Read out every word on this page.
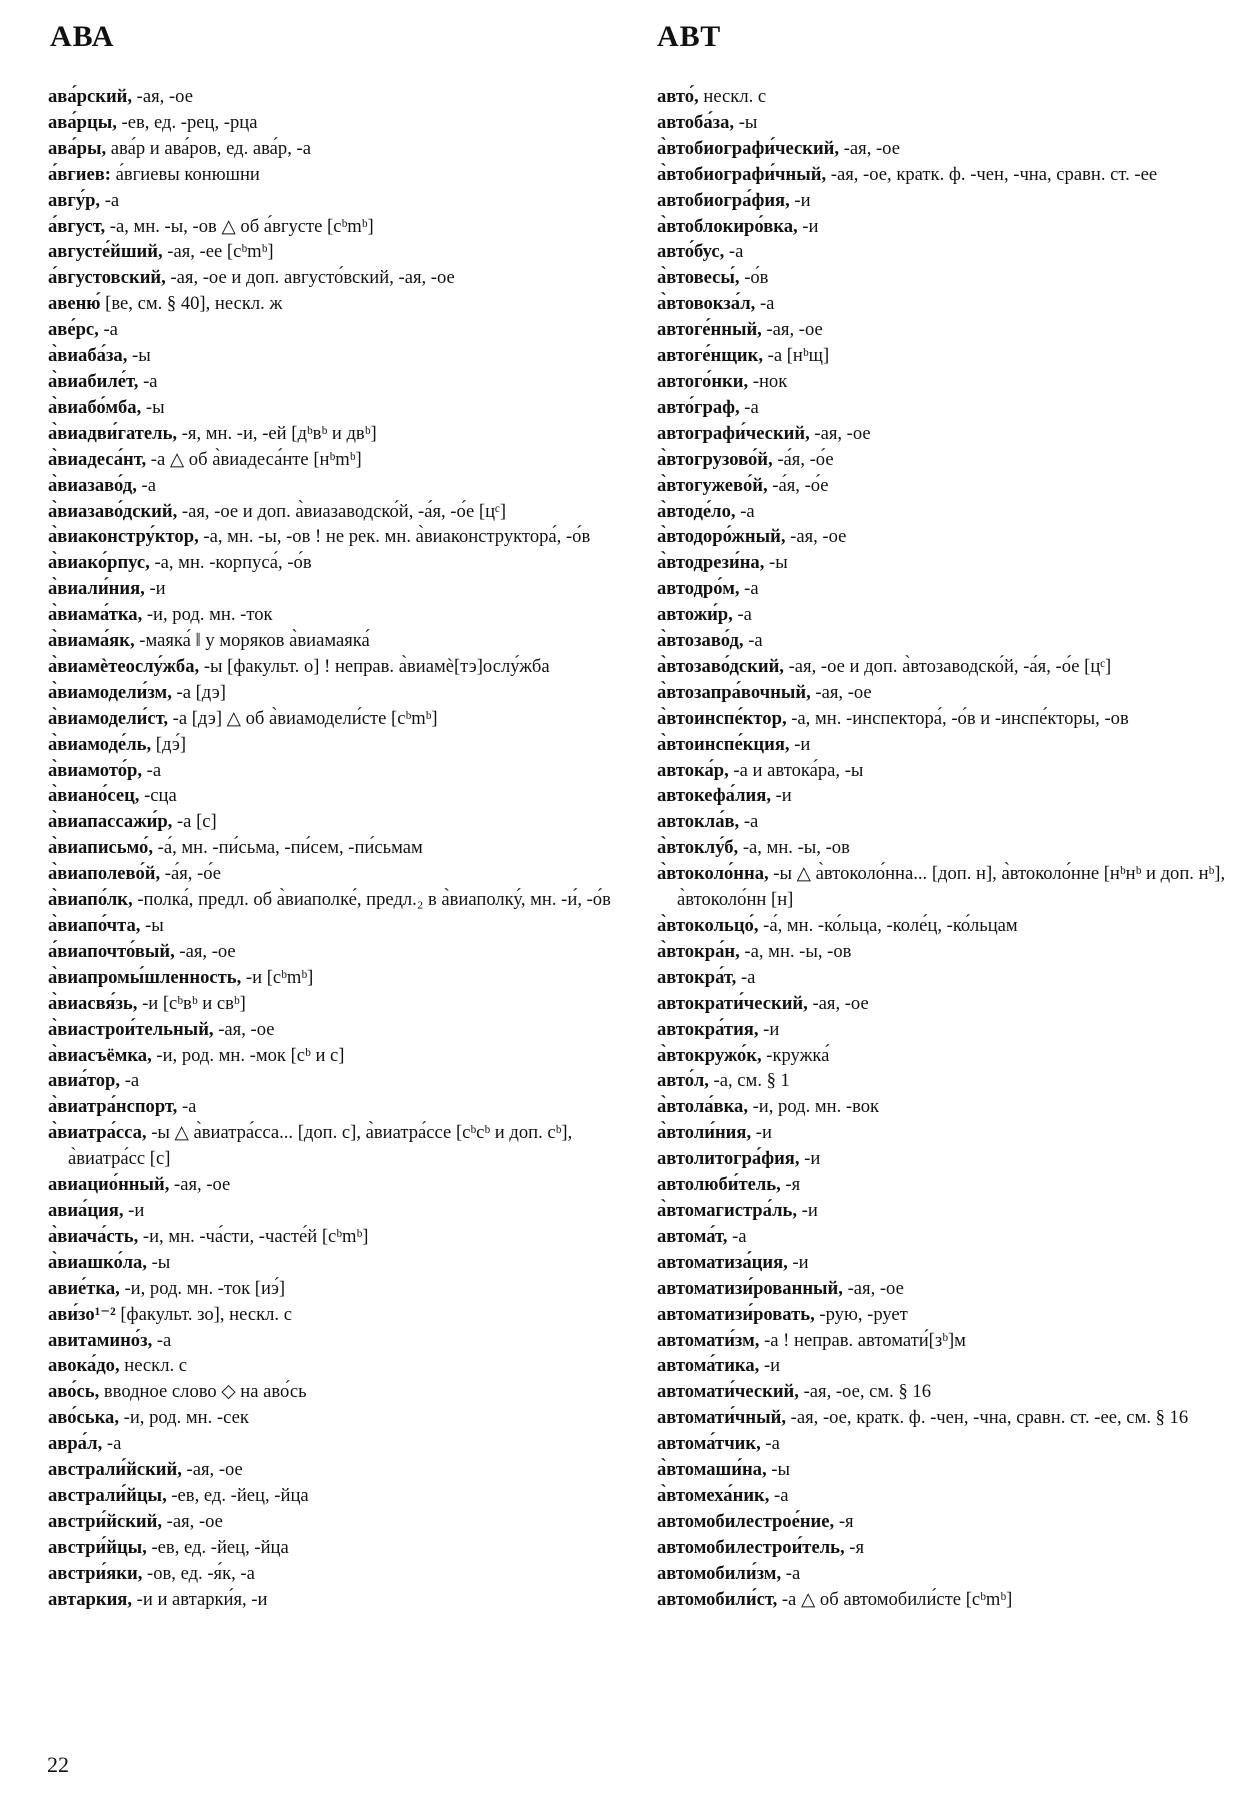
АВА	АВТ

ава́рский, -ая, -ое

ава́рцы, -ев, ед. -рец, -рца

ава́ры, ава́р и ава́ров, ед. ава́р, -а

а́вгиев: а́вгиевы конюшни

авгу́р, -а

а́вгуст, -а, мн. -ы, -ов △ об а́вгусте [cᵇmᵇ]

августе́йший, -ая, -ее [cᵇmᵇ]

а́вгустовский, -ая, -ое и доп. августо́вский, -ая, -ое

авеню́ [ве, см. § 40], нескл. ж

аве́рс, -а

а̀виаба́за, -ы

а̀виабиле́т, -а

а̀виабо́мба, -ы

а̀виадви́гатель, -я, мн. -и, -ей [дᵇвᵇ и двᵇ]

а̀виадеса́нт, -а △ об а̀виадеса́нте [нᵇmᵇ]

а̀виазаво́д, -а

а̀виазаво́дский, -ая, -ое и доп. а̀виазаводско́й, -а́я, -о́е [цᶜ]

а̀виаконстру́ктор, -а, мн. -ы, -ов ! не рек. мн. а̀виаконструктора́, -о́в

а̀виако́рпус, -а, мн. -корпуса́, -о́в

а̀виали́ния, -и

а̀виама́тка, -и, род. мн. -ток

а̀виама́як, -маяка́ ‖ у моряков а̀виамаяка́

а̀виамѐтеослу́жба, -ы [факульт. о] ! неправ. а̀виамѐ[тэ]ослу́жба

а̀виамодели́зм, -а [дэ]

а̀виамодели́ст, -а [дэ] △ об а̀виамодели́сте [cᵇmᵇ]

а̀виамоде́ль, [дэ́]

а̀виамото́р, -а

а̀виано́сец, -сца

а̀виапассажи́р, -а [с]

а̀виаписьмо́, -а́, мн. -пи́сьма, -пи́сем, -пи́сьмам

а̀виаполево́й, -а́я, -о́е

а̀виапо́лк, -полка́, предл. об а̀виаполке́, предл.₂ в а̀виаполку́, мн. -и́, -о́в

а̀виапо́чта, -ы

а́виапочто́вый, -ая, -ое

а̀виапромы́шленность, -и [cᵇmᵇ]

а̀виасвя́зь, -и [сᵇвᵇ и свᵇ]

а̀виастрои́тельный, -ая, -ое

а̀виасъёмка, -и, род. мн. -мок [cᵇ и с]

авиа́тор, -а

а̀виатра́нспорт, -а

а̀виатра́сса, -ы △ а̀виатра́сса... [доп. с], а̀виатра́ссе [cᵇcᵇ и доп. cᵇ], а̀виатра́сс [с]

авиацио́нный, -ая, -ое

авиа́ция, -и

а̀виача́сть, -и, мн. -ча́сти, -часте́й [cᵇmᵇ]

а̀виашко́ла, -ы

авие́тка, -и, род. мн. -ток [иэ́]

ави́зо¹⁻² [факульт. зо], нескл. с

авитамино́з, -а

авока́до, нескл. с

аво́сь, вводное слово ◇ на аво́сь

аво́ська, -и, род. мн. -сек

авра́л, -а

австрали́йский, -ая, -ое

австрали́йцы, -ев, ед. -йец, -йца

австри́йский, -ая, -ое

австри́йцы, -ев, ед. -йец, -йца

австри́яки, -ов, ед. -я́к, -а

автаркия, -и и автарки́я, -и

авто́, нескл. с

автоба́за, -ы

а̀втобиографи́ческий, -ая, -ое

а̀втобиографи́чный, -ая, -ое, кратк. ф. -чен, -чна, сравн. ст. -ее

автобиогра́фия, -и

а̀втоблокиро́вка, -и

авто́бус, -а

а̀втовесы́, -о́в

а̀втовокза́л, -а

автоге́нный, -ая, -ое

автоге́нщик, -а [нᵇщ]

автого́нки, -нок

авто́граф, -а

автографи́ческий, -ая, -ое

а̀втогрузово́й, -а́я, -о́е

а̀втогужево́й, -а́я, -о́е

а̀втоде́ло, -а

а̀втодоро́жный, -ая, -ое

а̀втодрези́на, -ы

автодро́м, -а

автожи́р, -а

а̀втозаво́д, -а

а̀втозаво́дский, -ая, -ое и доп. а̀втозаводско́й, -а́я, -о́е [цᶜ]

а̀втозапра́вочный, -ая, -ое

а̀втоинспе́ктор, -а, мн. -инспектора́, -о́в и -инспе́кторы, -ов

а̀втоинспе́кция, -и

автока́р, -а и автока́ра, -ы

автокефа́лия, -и

автокла́в, -а

а̀втоклу́б, -а, мн. -ы, -ов

а̀втоколо́нна, -ы △ а̀втоколо́нна... [доп. н], а̀втоколо́нне [нᵇнᵇ и доп. нᵇ], а̀втоколо́нн [н]

а̀втокольцо́, -а́, мн. -ко́льца, -коле́ц, -ко́льцам

а̀втокра́н, -а, мн. -ы, -ов

автокра́т, -а

автократи́ческий, -ая, -ое

автокра́тия, -и

а̀втокружо́к, -кружка́

авто́л, -а, см. § 1

а̀втола́вка, -и, род. мн. -вок

а̀втоли́ния, -и

автолитогра́фия, -и

автолюби́тель, -я

а̀втомагистра́ль, -и

автома́т, -а

автоматиза́ция, -и

автоматизи́рованный, -ая, -ое

автоматизи́ровать, -рую, -рует

автомати́зм, -а ! неправ. автомати́[зᵇ]м

автома́тика, -и

автомати́ческий, -ая, -ое, см. § 16

автомати́чный, -ая, -ое, кратк. ф. -чен, -чна, сравн. ст. -ее, см. § 16

автома́тчик, -а

а̀втомаши́на, -ы

а̀втомеха́ник, -а

автомобилестрое́ние, -я

автомобилестрои́тель, -я

автомобили́зм, -а

автомобили́ст, -а △ об автомобили́сте [cᵇmᵇ]

22
